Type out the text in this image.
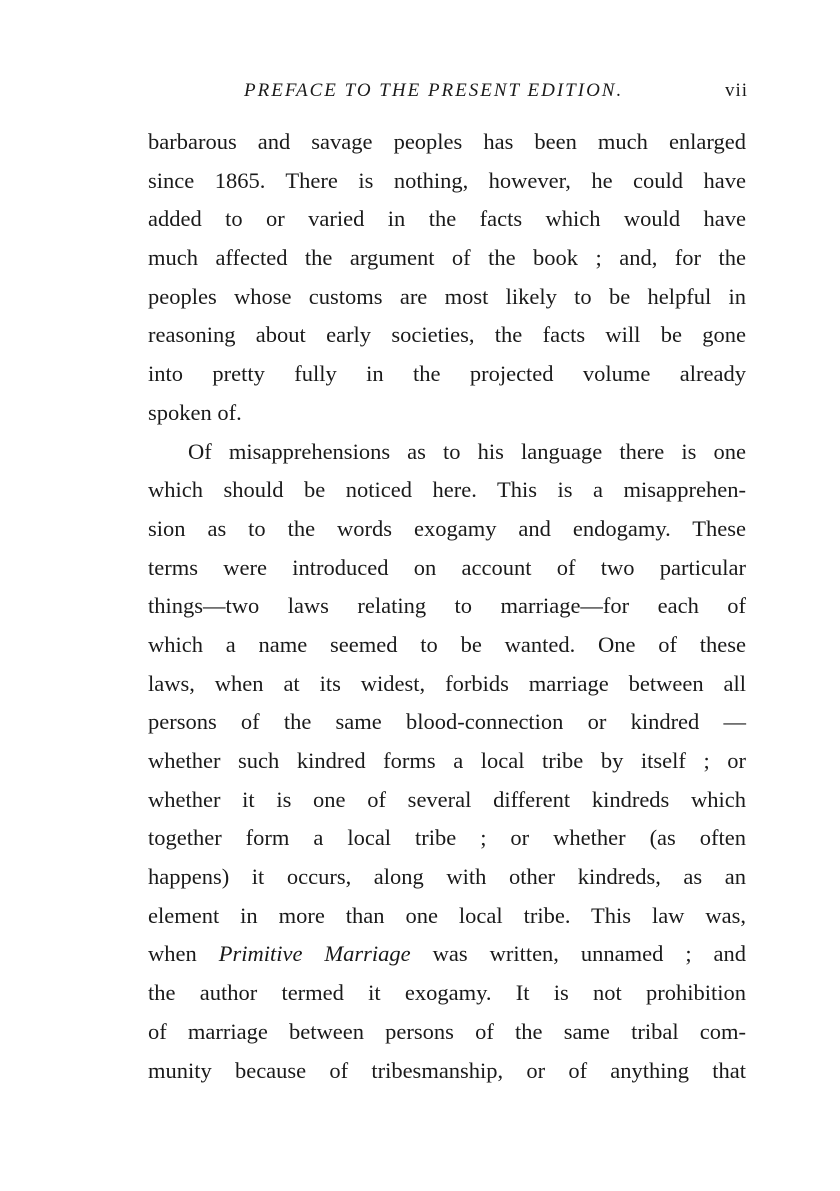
PREFACE TO THE PRESENT EDITION.	vii
barbarous and savage peoples has been much enlarged
since 1865. There is nothing, however, he could have
added to or varied in the facts which would have
much affected the argument of the book ; and, for the
peoples whose customs are most likely to be helpful in
reasoning about early societies, the facts will be gone
into pretty fully in the projected volume already
spoken of.
Of misapprehensions as to his language there is one
which should be noticed here. This is a misapprehen-
sion as to the words exogamy and endogamy. These
terms were introduced on account of two particular
things—two laws relating to marriage—for each of
which a name seemed to be wanted. One of these
laws, when at its widest, forbids marriage between all
persons of the same blood-connection or kindred —
whether such kindred forms a local tribe by itself ; or
whether it is one of several different kindreds which
together form a local tribe ; or whether (as often
happens) it occurs, along with other kindreds, as an
element in more than one local tribe. This law was,
when Primitive Marriage was written, unnamed ; and
the author termed it exogamy. It is not prohibition
of marriage between persons of the same tribal com-
munity because of tribesmanship, or of anything that
